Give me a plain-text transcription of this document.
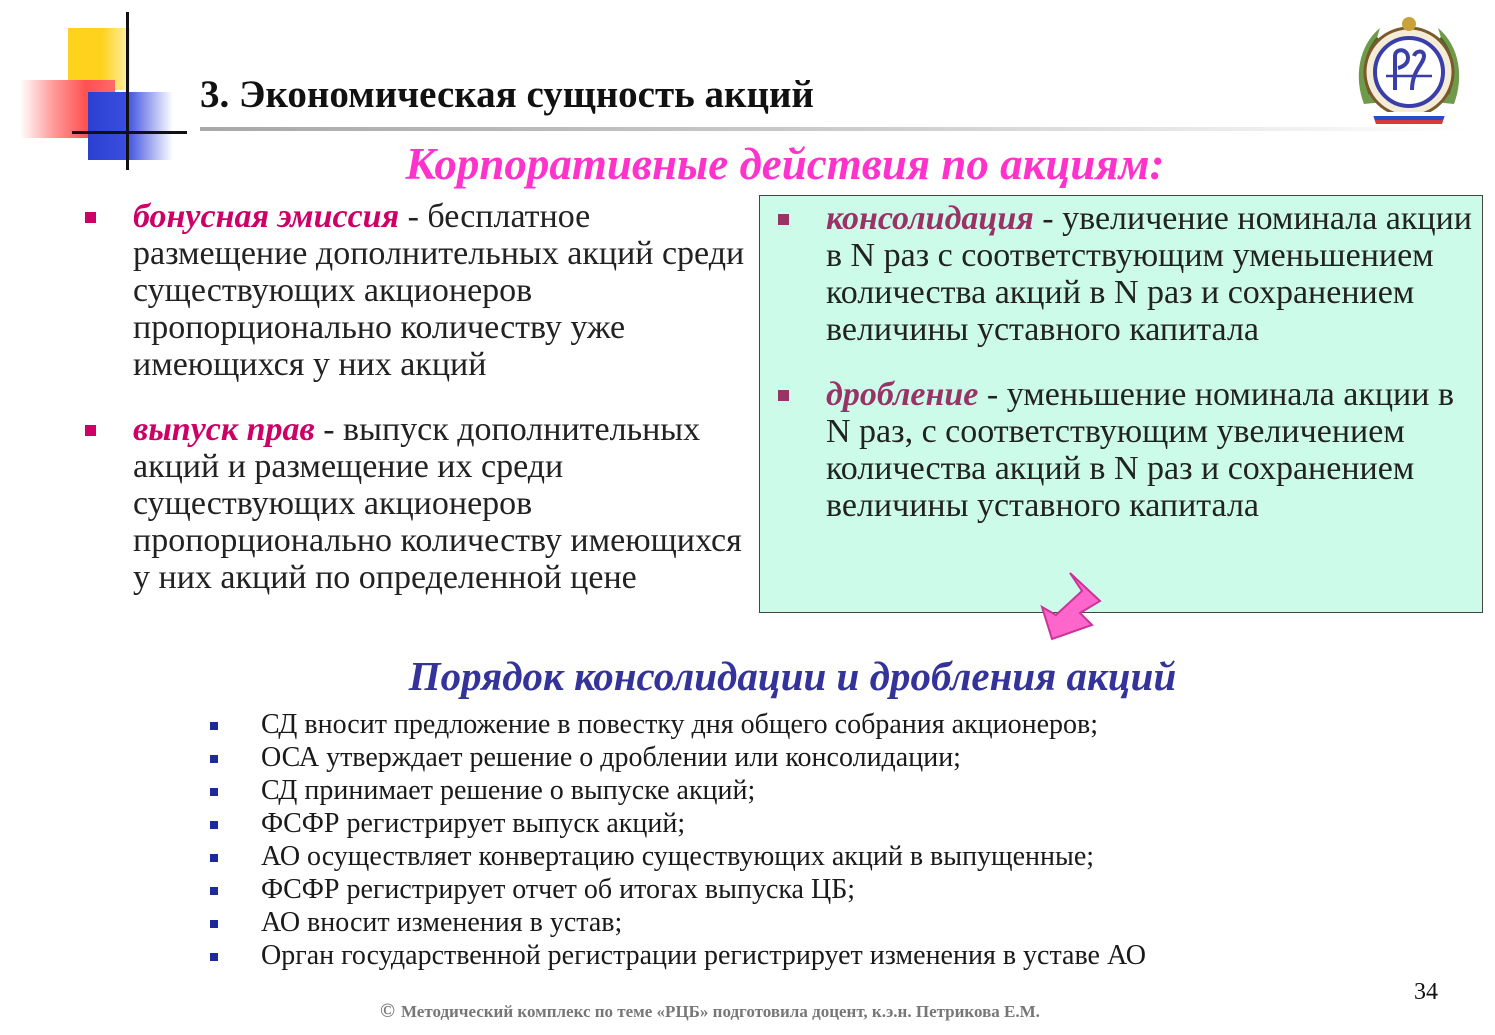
3. Экономическая сущность акций
Корпоративные действия по акциям:
бонусная эмиссия - бесплатное размещение дополнительных акций среди существующих акционеров пропорционально количеству уже имеющихся у них акций
выпуск прав - выпуск дополнительных акций и размещение их среди существующих акционеров пропорционально количеству имеющихся у них акций по определенной цене
консолидация - увеличение номинала акции в N раз с соответствующим уменьшением количества акций в N раз и сохранением величины уставного капитала
дробление - уменьшение номинала акции в N раз, с соответствующим увеличением количества акций в N раз и сохранением величины уставного капитала
Порядок консолидации и дробления акций
СД вносит предложение в повестку дня общего собрания акционеров;
ОСА утверждает решение о дроблении или консолидации;
СД принимает решение о выпуске акций;
ФСФР регистрирует выпуск акций;
АО осуществляет конвертацию существующих акций в выпущенные;
ФСФР регистрирует отчет об итогах выпуска ЦБ;
АО вносит изменения в устав;
Орган государственной регистрации регистрирует изменения в уставе АО
34
© Методический комплекс по теме «РЦБ» подготовила доцент, к.э.н. Петрикова Е.М.
